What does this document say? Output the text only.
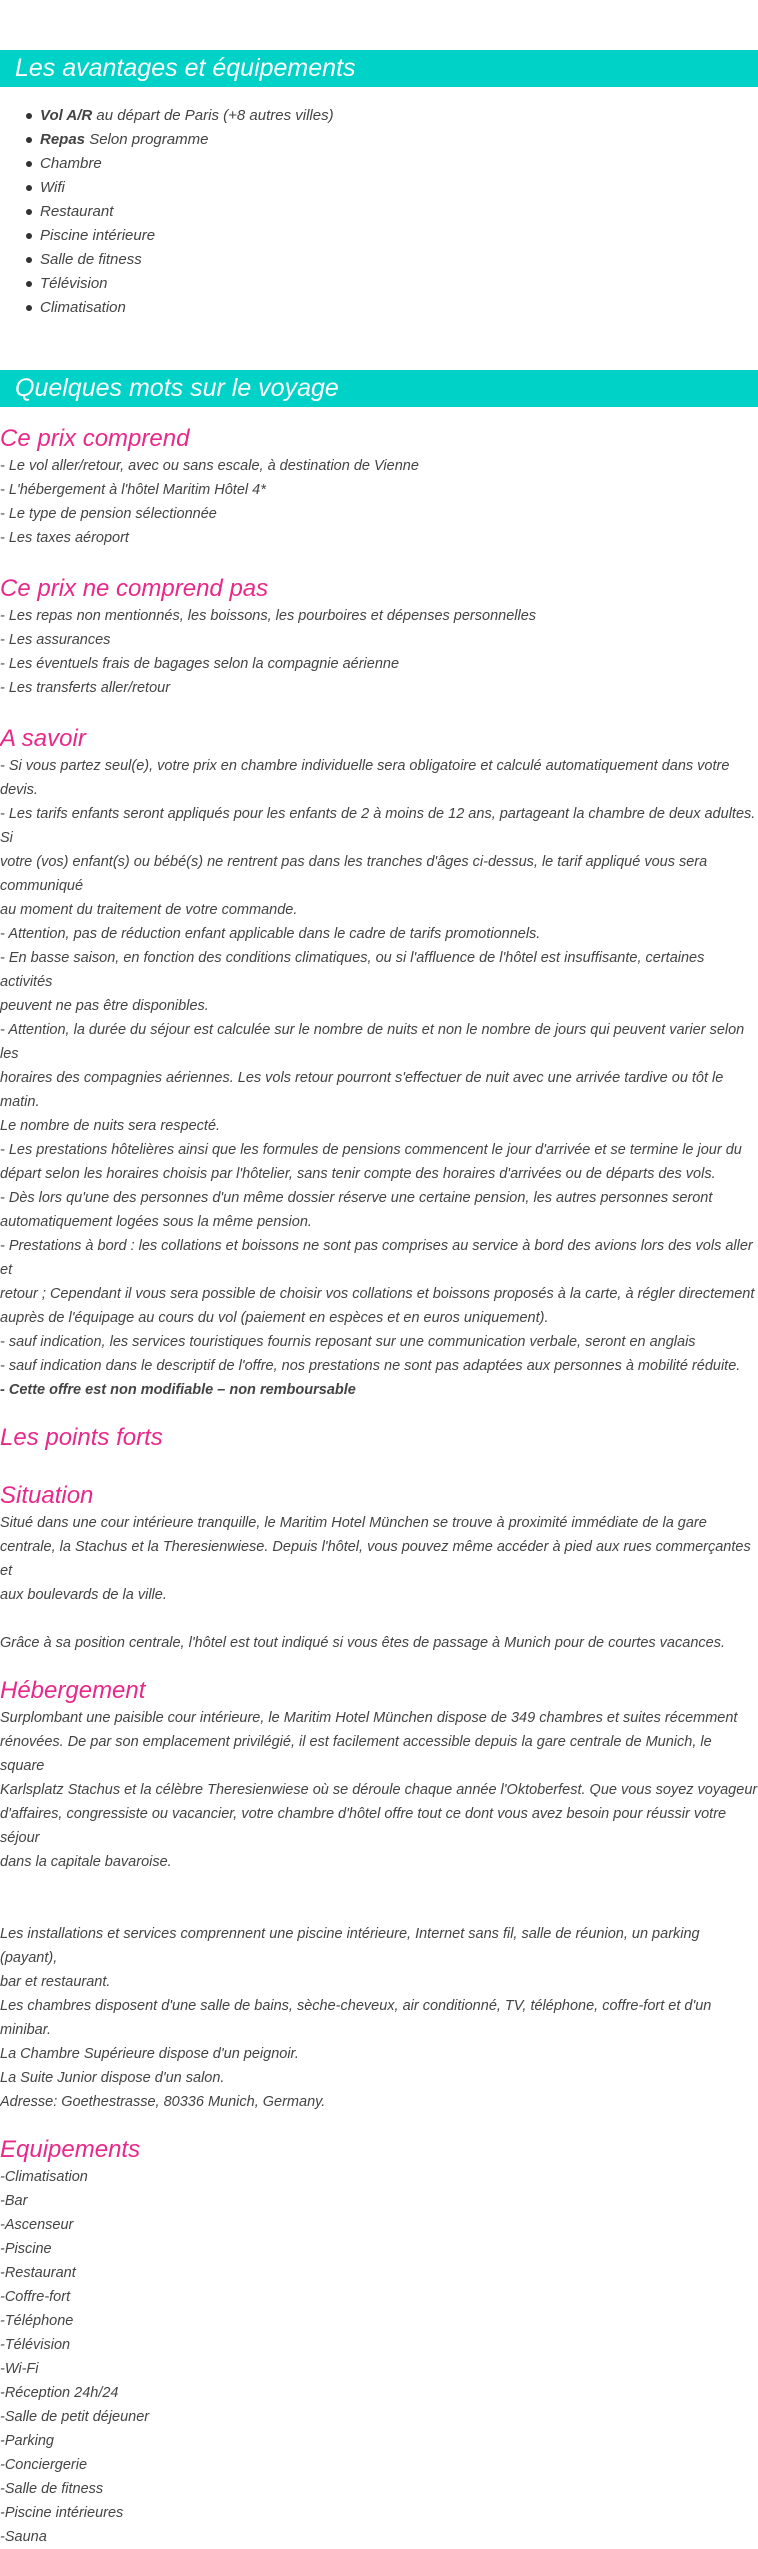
Les avantages et équipements
Vol A/R au départ de Paris (+8 autres villes)
Repas Selon programme
Chambre
Wifi
Restaurant
Piscine intérieure
Salle de fitness
Télévision
Climatisation
Quelques mots sur le voyage
Ce prix comprend

- Le vol aller/retour, avec ou sans escale, à destination de Vienne

- L'hébergement à l'hôtel Maritim Hôtel 4*

- Le type de pension sélectionnée

- Les taxes aéroport

Ce prix ne comprend pas

- Les repas non mentionnés, les boissons, les pourboires et dépenses personnelles

- Les assurances

- Les éventuels frais de bagages selon la compagnie aérienne

- Les transferts aller/retour

A savoir

- Si vous partez seul(e), votre prix en chambre individuelle sera obligatoire et calculé automatiquement dans votre devis.

- Les tarifs enfants seront appliqués pour les enfants de 2 à moins de 12 ans, partageant la chambre de deux adultes. Si

votre (vos) enfant(s) ou bébé(s) ne rentrent pas dans les tranches d'âges ci-dessus, le tarif appliqué vous sera communiqué

au moment du traitement de votre commande.

- Attention, pas de réduction enfant applicable dans le cadre de tarifs promotionnels.

- En basse saison, en fonction des conditions climatiques, ou si l'affluence de l'hôtel est insuffisante, certaines activités

peuvent ne pas être disponibles.

- Attention, la durée du séjour est calculée sur le nombre de nuits et non le nombre de jours qui peuvent varier selon les

horaires des compagnies aériennes. Les vols retour pourront s'effectuer de nuit avec une arrivée tardive ou tôt le matin.

Le nombre de nuits sera respecté.

- Les prestations hôtelières ainsi que les formules de pensions commencent le jour d'arrivée et se termine le jour du

départ selon les horaires choisis par l'hôtelier, sans tenir compte des horaires d'arrivées ou de départs des vols.

- Dès lors qu'une des personnes d'un même dossier réserve une certaine pension, les autres personnes seront

automatiquement logées sous la même pension.

- Prestations à bord : les collations et boissons ne sont pas comprises au service à bord des avions lors des vols aller et

retour ; Cependant il vous sera possible de choisir vos collations et boissons proposés à la carte, à régler directement

auprès de l'équipage au cours du vol (paiement en espèces et en euros uniquement).

- sauf indication, les services touristiques fournis reposant sur une communication verbale, seront en anglais

- sauf indication dans le descriptif de l'offre, nos prestations ne sont pas adaptées aux personnes à mobilité réduite.

- Cette offre est non modifiable – non remboursable

Les points forts
Situation

Situé dans une cour intérieure tranquille, le Maritim Hotel München se trouve à proximité immédiate de la gare

centrale, la Stachus et la Theresienwiese. Depuis l'hôtel, vous pouvez même accéder à pied aux rues commerçantes et

aux boulevards de la ville.

Grâce à sa position centrale, l'hôtel est tout indiqué si vous êtes de passage à Munich pour de courtes vacances.

Hébergement

Surplombant une paisible cour intérieure, le Maritim Hotel München dispose de 349 chambres et suites récemment

rénovées. De par son emplacement privilégié, il est facilement accessible depuis la gare centrale de Munich, le square

Karlsplatz Stachus et la célèbre Theresienwiese où se déroule chaque année l'Oktoberfest. Que vous soyez voyageur

d'affaires, congressiste ou vacancier, votre chambre d'hôtel offre tout ce dont vous avez besoin pour réussir votre séjour

dans la capitale bavaroise.

Les installations et services comprennent une piscine intérieure, Internet sans fil, salle de réunion, un parking (payant),

bar et restaurant.

Les chambres disposent d'une salle de bains, sèche-cheveux, air conditionné, TV, téléphone, coffre-fort et d'un minibar.

La Chambre Supérieure dispose d'un peignoir.

La Suite Junior dispose d'un salon.

Adresse: Goethestrasse, 80336 Munich, Germany.

Equipements

-Climatisation

-Bar

-Ascenseur

-Piscine

-Restaurant

-Coffre-fort

-Téléphone

-Télévision

-Wi-Fi

-Réception 24h/24

-Salle de petit déjeuner

-Parking

-Conciergerie

-Salle de fitness

-Piscine intérieures

-Sauna
